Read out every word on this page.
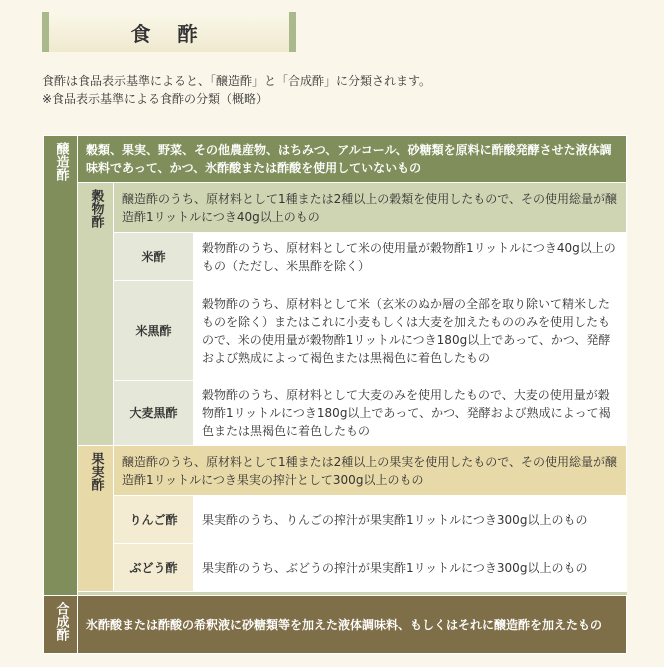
食 酢
食酢は食品表示基準によると、「醸造酢」と「合成酢」に分類されます。
※食品表示基準による食酢の分類（概略）
醸造酢	穀類、果実、野菜、その他農産物、はちみつ、アルコール、砂糖類を原料に酢酸発酵させた液体調味料であって、かつ、氷酢酸または酢酸を使用していないもの		

	穀物酢	醸造酢のうち、原材料として1種または2種以上の穀類を使用したもので、その使用総量が醸造酢1リットルにつき40g以上のもの	
		米酢	穀物酢のうち、原材料として米の使用量が穀物酢1リットルにつき40g以上のもの（ただし、米黒酢を除く）
		米黒酢	穀物酢のうち、原材料として米（玄米のぬか層の全部を取り除いて精米したものを除く）またはこれに小麦もしくは大麦を加えたもののみを使用したもので、米の使用量が穀物酢1リットルにつき180g以上であって、かつ、発酵および熟成によって褐色または黒褐色に着色したもの
		大麦黒酢	穀物酢のうち、原材料として大麦のみを使用したもので、大麦の使用量が穀物酢1リットルにつき180g以上であって、かつ、発酵および熟成によって褐色または黒褐色に着色したもの

	果実酢	醸造酢のうち、原材料として1種または2種以上の果実を使用したもので、その使用総量が醸造酢1リットルにつき果実の搾汁として300g以上のもの	
		りんご酢	果実酢のうち、りんごの搾汁が果実酢1リットルにつき300g以上のもの
		ぶどう酢	果実酢のうち、ぶどうの搾汁が果実酢1リットルにつき300g以上のもの

合成酢	氷酢酸または酢酸の希釈液に砂糖類等を加えた液体調味料、もしくはそれに醸造酢を加えたもの		
